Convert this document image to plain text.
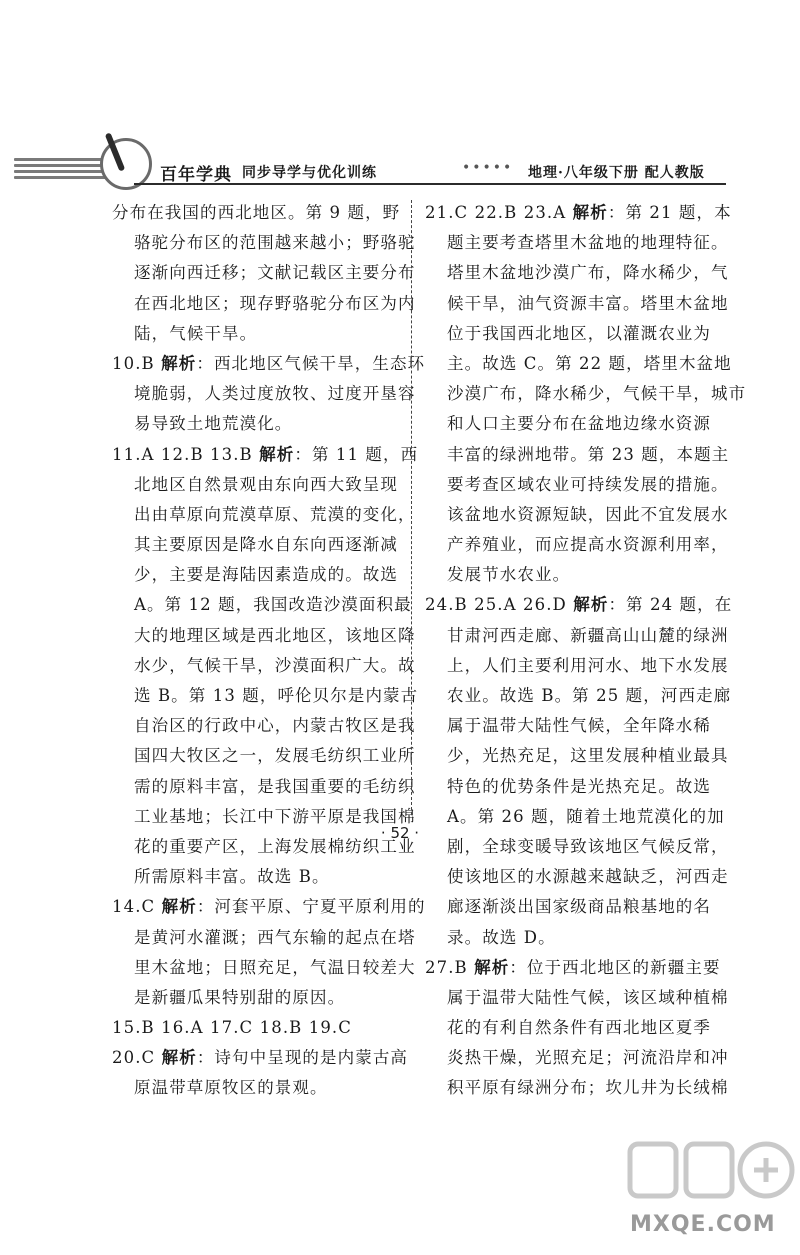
百年学典 同步导学与优化训练	••••• 地理·八年级下册 配人教版
分布在我国的西北地区。第 9 题，野
骆驼分布区的范围越来越小；野骆驼
逐渐向西迁移；文献记载区主要分布
在西北地区；现存野骆驼分布区为内
陆，气候干旱。
10.B 解析：西北地区气候干旱，生态环
境脆弱，人类过度放牧、过度开垦容
易导致土地荒漠化。
11.A 12.B 13.B 解析：第 11 题，西
北地区自然景观由东向西大致呈现
出由草原向荒漠草原、荒漠的变化，
其主要原因是降水自东向西逐渐减
少，主要是海陆因素造成的。故选
A。第 12 题，我国改造沙漠面积最
大的地理区域是西北地区，该地区降
水少，气候干旱，沙漠面积广大。故
选 B。第 13 题，呼伦贝尔是内蒙古
自治区的行政中心，内蒙古牧区是我
国四大牧区之一，发展毛纺织工业所
需的原料丰富，是我国重要的毛纺织
工业基地；长江中下游平原是我国棉
花的重要产区，上海发展棉纺织工业
所需原料丰富。故选 B。
14.C 解析：河套平原、宁夏平原利用的
是黄河水灌溉；西气东输的起点在塔
里木盆地；日照充足，气温日较差大
是新疆瓜果特别甜的原因。
15.B 16.A 17.C 18.B 19.C
20.C 解析：诗句中呈现的是内蒙古高
原温带草原牧区的景观。
21.C 22.B 23.A 解析：第 21 题，本
题主要考查塔里木盆地的地理特征。
塔里木盆地沙漠广布，降水稀少，气
候干旱，油气资源丰富。塔里木盆地
位于我国西北地区，以灌溉农业为
主。故选 C。第 22 题，塔里木盆地
沙漠广布，降水稀少，气候干旱，城市
和人口主要分布在盆地边缘水资源
丰富的绿洲地带。第 23 题，本题主
要考查区域农业可持续发展的措施。
该盆地水资源短缺，因此不宜发展水
产养殖业，而应提高水资源利用率，
发展节水农业。
24.B 25.A 26.D 解析：第 24 题，在
甘肃河西走廊、新疆高山山麓的绿洲
上，人们主要利用河水、地下水发展
农业。故选 B。第 25 题，河西走廊
属于温带大陆性气候，全年降水稀
少，光热充足，这里发展种植业最具
特色的优势条件是光热充足。故选
A。第 26 题，随着土地荒漠化的加
剧，全球变暖导致该地区气候反常，
使该地区的水源越来越缺乏，河西走
廊逐渐淡出国家级商品粮基地的名
录。故选 D。
27.B 解析：位于西北地区的新疆主要
属于温带大陆性气候，该区域种植棉
花的有利自然条件有西北地区夏季
炎热干燥，光照充足；河流沿岸和冲
积平原有绿洲分布；坎儿井为长绒棉
· 52 ·
MXQE.COM
